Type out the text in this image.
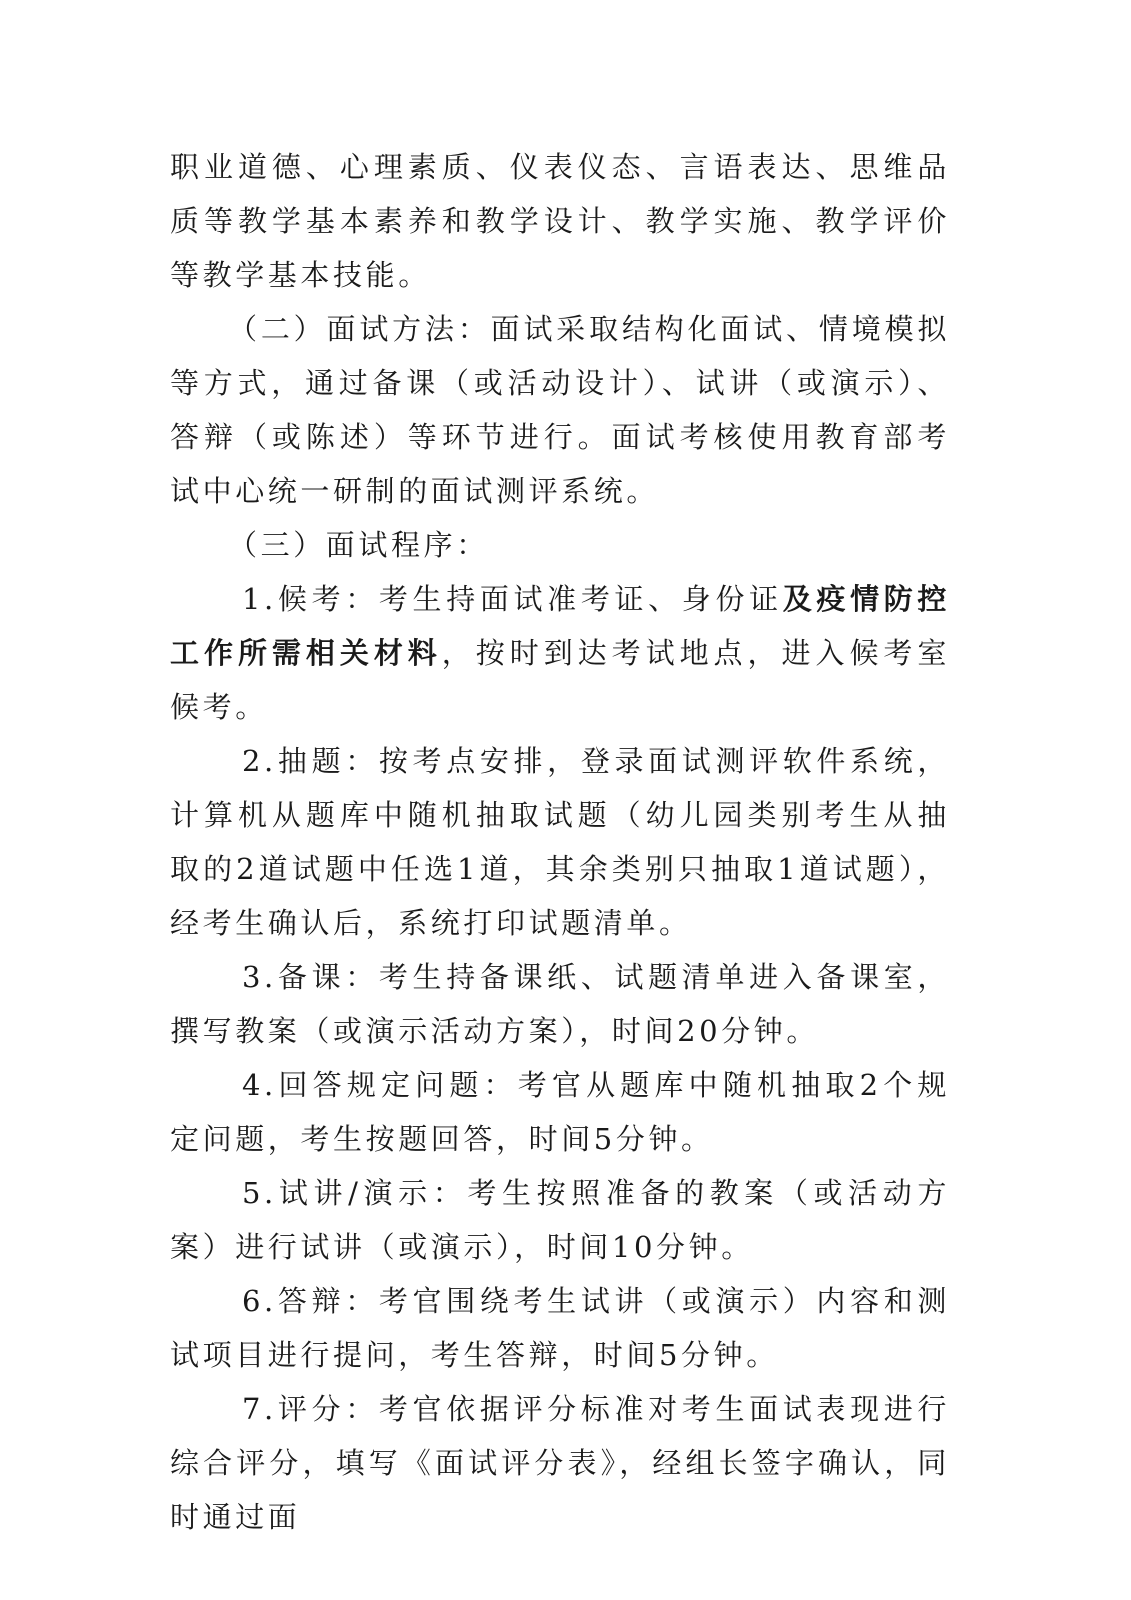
职业道德、心理素质、仪表仪态、言语表达、思维品质等教学基本素养和教学设计、教学实施、教学评价等教学基本技能。

（二）面试方法：面试采取结构化面试、情境模拟等方式，通过备课（或活动设计）、试讲（或演示）、答辩（或陈述）等环节进行。面试考核使用教育部考试中心统一研制的面试测评系统。

（三）面试程序：

1.候考：考生持面试准考证、身份证及疫情防控工作所需相关材料，按时到达考试地点，进入候考室候考。

2.抽题：按考点安排，登录面试测评软件系统，计算机从题库中随机抽取试题（幼儿园类别考生从抽取的2道试题中任选1道，其余类别只抽取1道试题），经考生确认后，系统打印试题清单。

3.备课：考生持备课纸、试题清单进入备课室，撰写教案（或演示活动方案），时间20分钟。

4.回答规定问题：考官从题库中随机抽取2个规定问题，考生按题回答，时间5分钟。

5.试讲/演示：考生按照准备的教案（或活动方案）进行试讲（或演示），时间10分钟。

6.答辩：考官围绕考生试讲（或演示）内容和测试项目进行提问，考生答辩，时间5分钟。

7.评分：考官依据评分标准对考生面试表现进行综合评分，填写《面试评分表》，经组长签字确认，同时通过面
